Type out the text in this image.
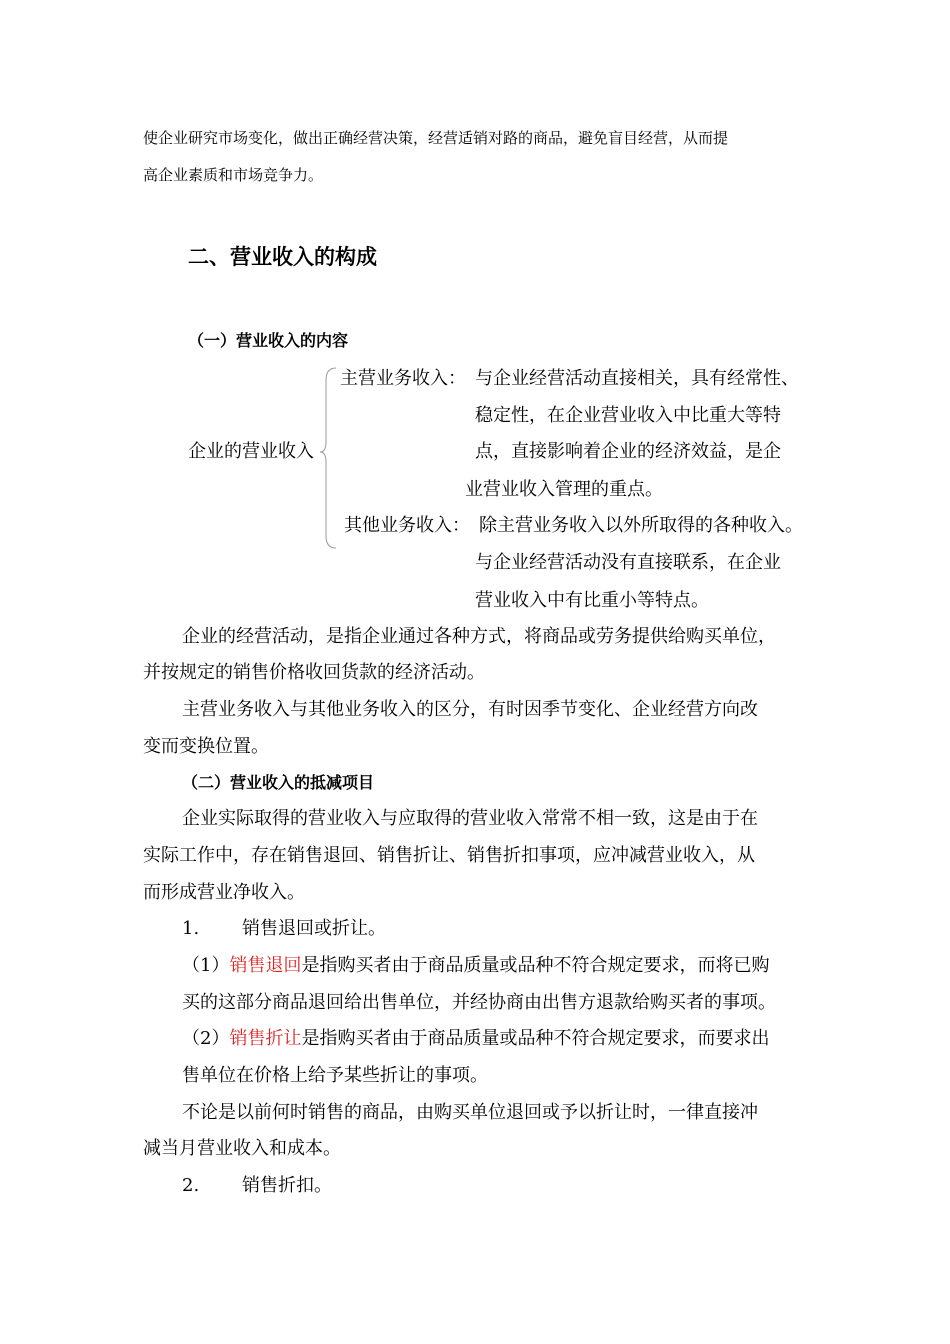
使企业研究市场变化，做出正确经营决策，经营适销对路的商品，避免盲目经营，从而提
高企业素质和市场竞争力。
二、营业收入的构成
（一）营业收入的内容
企业的营业收入
主营业务收入： 与企业经营活动直接相关，具有经常性、
稳定性，在企业营业收入中比重大等特
点，直接影响着企业的经济效益，是企
业营业收入管理的重点。
其他业务收入： 除主营业务收入以外所取得的各种收入。
与企业经营活动没有直接联系，在企业
营业收入中有比重小等特点。
企业的经营活动，是指企业通过各种方式，将商品或劳务提供给购买单位，
并按规定的销售价格收回货款的经济活动。
主营业务收入与其他业务收入的区分，有时因季节变化、企业经营方向改
变而变换位置。
（二）营业收入的抵减项目
企业实际取得的营业收入与应取得的营业收入常常不相一致，这是由于在
实际工作中，存在销售退回、销售折让、销售折扣事项，应冲减营业收入，从
而形成营业净收入。
1. 销售退回或折让。
（1）销售退回是指购买者由于商品质量或品种不符合规定要求，而将已购
买的这部分商品退回给出售单位，并经协商由出售方退款给购买者的事项。
（2）销售折让是指购买者由于商品质量或品种不符合规定要求，而要求出
售单位在价格上给予某些折让的事项。
不论是以前何时销售的商品，由购买单位退回或予以折让时，一律直接冲
减当月营业收入和成本。
2. 销售折扣。
